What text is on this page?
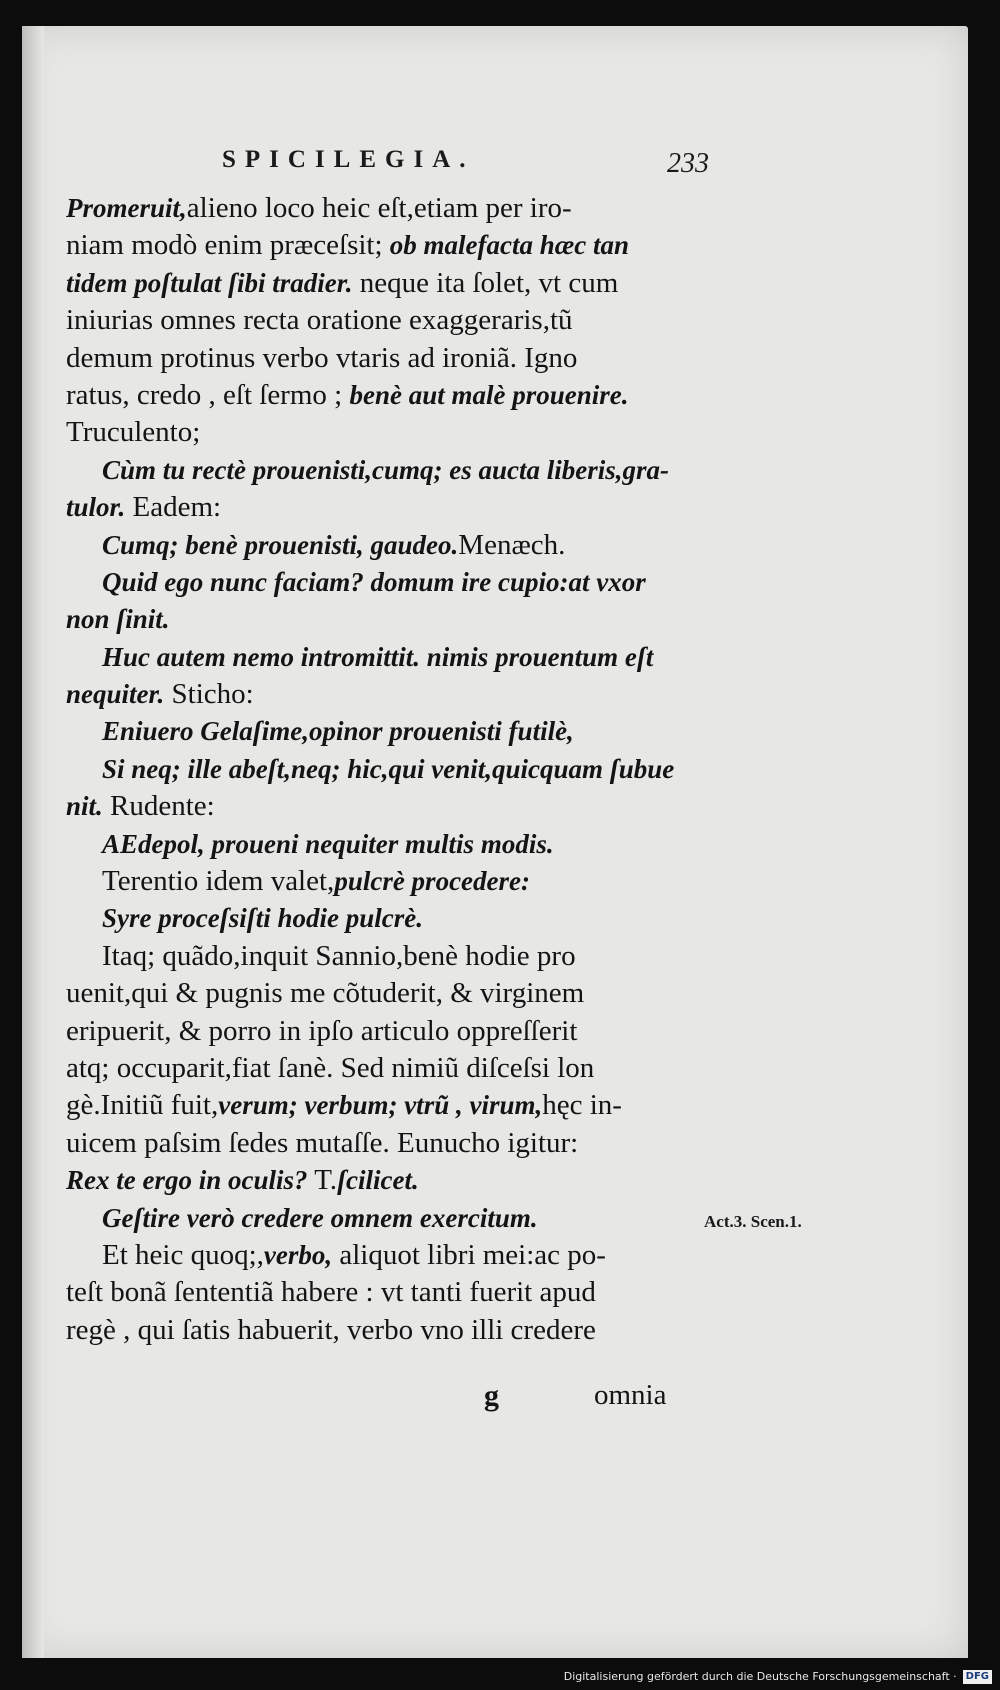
SPICILEGIA.	233
Promeruit,alieno loco heic eſt,etiam per iro-
niam modò enim præceſsit; ob malefacta hæc tan
tidem poſtulat ſibi tradier. neque ita ſolet, vt cum
iniurias omnes recta oratione exaggeraris,tũ
demum protinus verbo vtaris ad ironiã. Igno
ratus, credo , eſt ſermo ; benè aut malè prouenire.
Truculento;
Cùm tu rectè prouenisti,cumq; es aucta liberis,gra-
tulor. Eadem:
Cumq; benè prouenisti, gaudeo.Menæch.
Quid ego nunc faciam? domum ire cupio:at vxor
non ſinit.
Huc autem nemo intromittit. nimis prouentum eſt
nequiter. Sticho:
Eniuero Gelaſime,opinor prouenisti futilè,
Si neq; ille abeſt,neq; hic,qui venit,quicquam ſubue
nit. Rudente:
AEdepol, proueni nequiter multis modis.
Terentio idem valet,pulcrè procedere:
Syre proceſsiſti hodie pulcrè.
Itaq; quãdo,inquit Sannio,benè hodie pro
uenit,qui & pugnis me cõtuderit, & virginem
eripuerit, & porro in ipſo articulo oppreſſerit
atq; occuparit,fiat ſanè. Sed nimiũ diſceſsi lon
gè.Initiũ fuit,verum; verbum; vtrũ , virum,hęc in-
uicem paſsim ſedes mutaſſe. Eunucho igitur:
Rex te ergo in oculis? T.ſcilicet.
Geſtire verò credere omnem exercitum.
Et heic quoq;,verbo, aliquot libri mei:ac po-
teſt bonã ſententiã habere : vt tanti fuerit apud
regè , qui ſatis habuerit, verbo vno illi credere
Act.3. Scen.1.
g	omnia
Digitalisierung gefördert durch die Deutsche Forschungsgemeinschaft · DFG
